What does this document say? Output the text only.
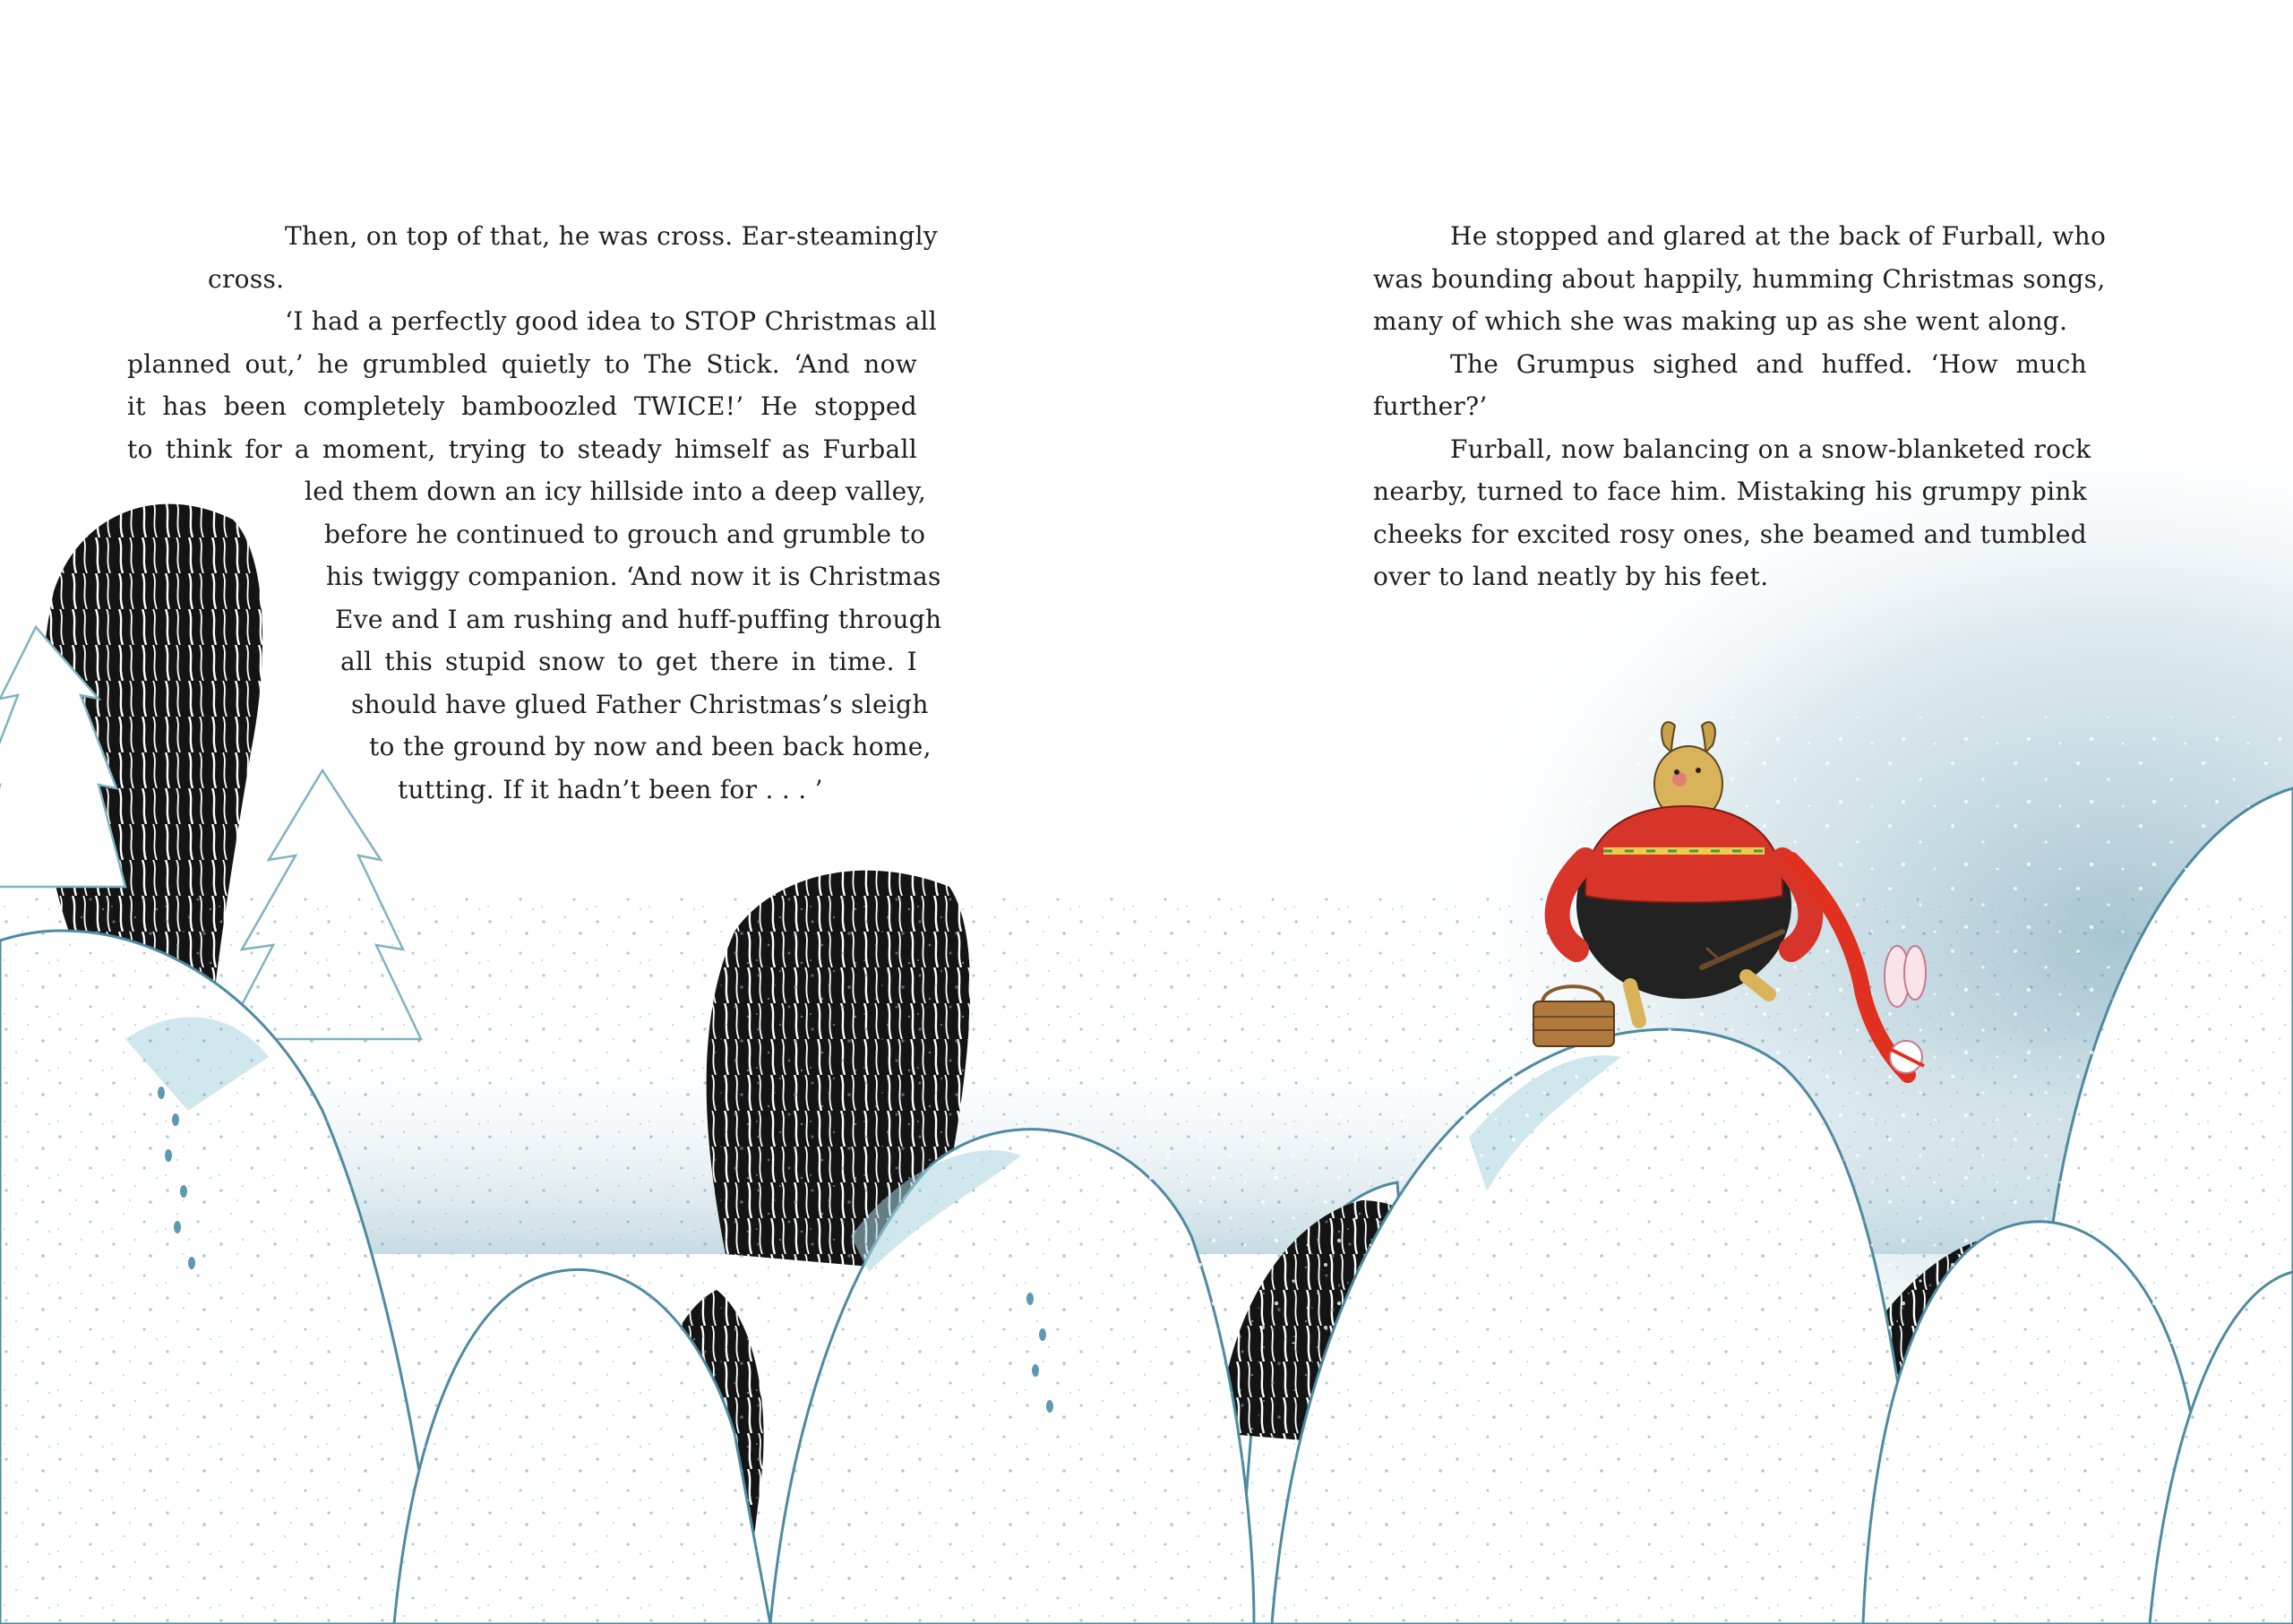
Then, on top of that, he was cross. Ear-steamingly

cross.

‘I had a perfectly good idea to STOP Christmas all

planned out,’ he grumbled quietly to The Stick. ‘And now
it has been completely bamboozled TWICE!’ He stopped
to think for a moment, trying to steady himself as Furball
led them down an icy hillside into a deep valley,
before he continued to grouch and grumble to
his twiggy companion. ‘And now it is Christmas
Eve and I am rushing and huff-puffing through
all this stupid snow to get there in time. I
should have glued Father Christmas’s sleigh
to the ground by now and been back home,
tutting. If it hadn’t been for . . . ’

He stopped and glared at the back of Furball, who

was bounding about happily, humming Christmas songs,
many of which she was making up as she went along.

The Grumpus sighed and huffed. ‘How much

further?’

Furball, now balancing on a snow-blanketed rock

nearby, turned to face him. Mistaking his grumpy pink
cheeks for excited rosy ones, she beamed and tumbled
over to land neatly by his feet.
